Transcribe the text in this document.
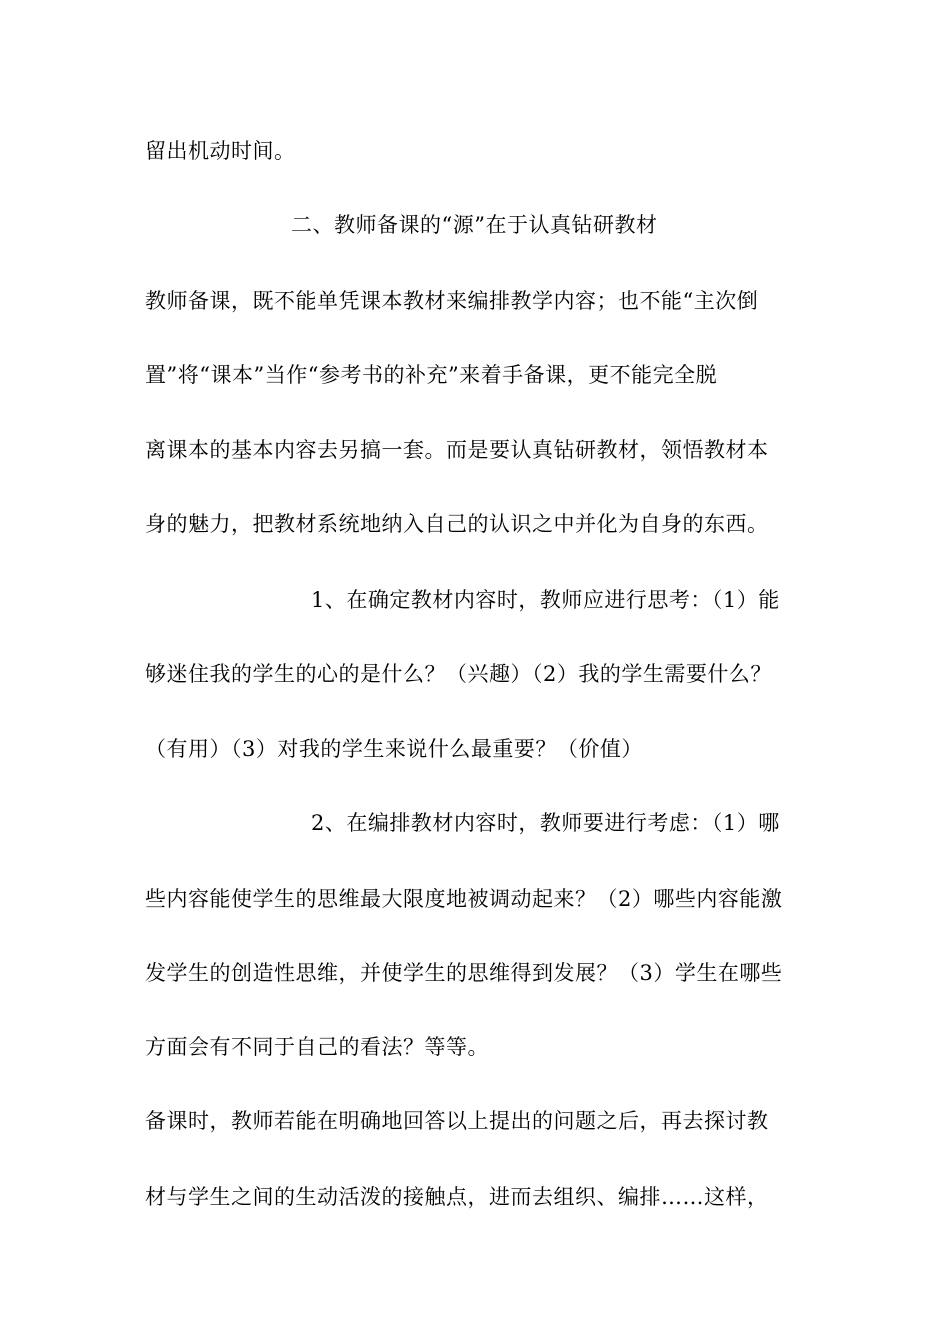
留出机动时间。
二、教师备课的“源”在于认真钻研教材
教师备课，既不能单凭课本教材来编排教学内容；也不能“主次倒
置”将“课本”当作“参考书的补充”来着手备课，更不能完全脱
离课本的基本内容去另搞一套。而是要认真钻研教材，领悟教材本
身的魅力，把教材系统地纳入自己的认识之中并化为自身的东西。
1、在确定教材内容时，教师应进行思考：（1）能
够迷住我的学生的心的是什么？（兴趣）（2）我的学生需要什么？
（有用）（3）对我的学生来说什么最重要？（价值）
2、在编排教材内容时，教师要进行考虑：（1）哪
些内容能使学生的思维最大限度地被调动起来？（2）哪些内容能激
发学生的创造性思维，并使学生的思维得到发展？（3）学生在哪些
方面会有不同于自己的看法？等等。
备课时，教师若能在明确地回答以上提出的问题之后，再去探讨教
材与学生之间的生动活泼的接触点，进而去组织、编排……这样，
